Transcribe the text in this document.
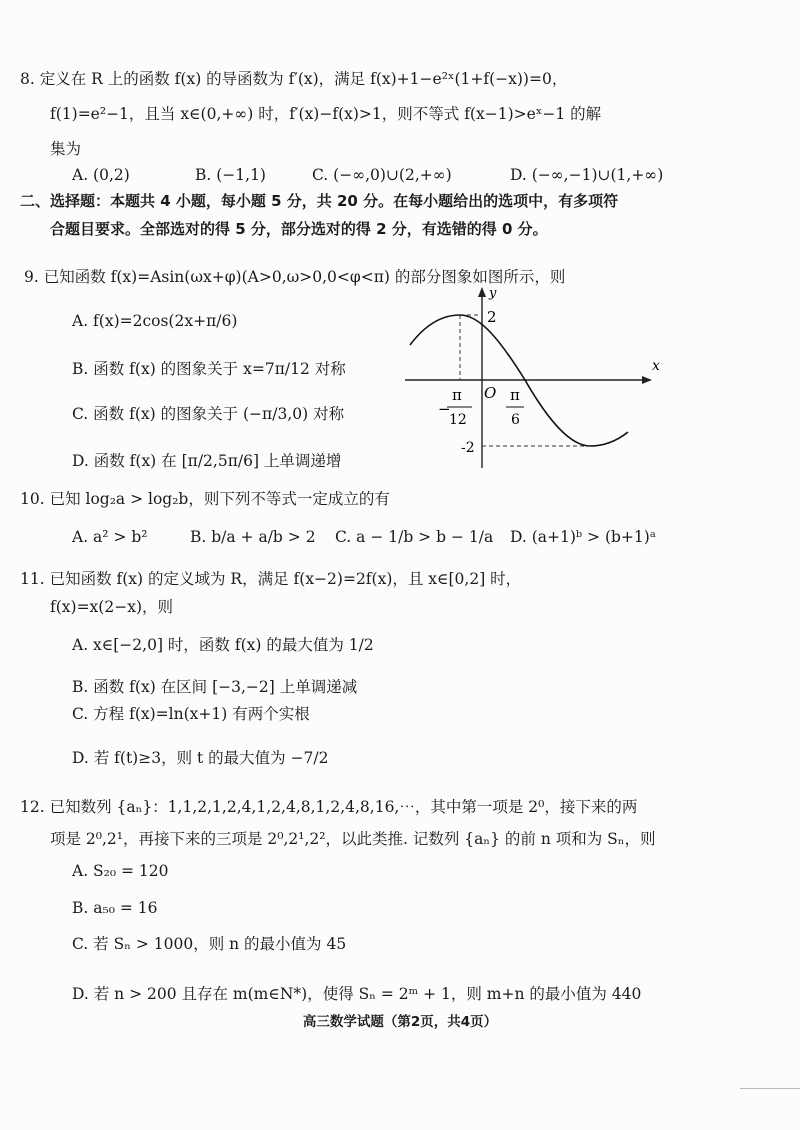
8. 定义在 R 上的函数 f(x) 的导函数为 f′(x)，满足 f(x)+1−e²ˣ(1+f(−x))=0，
f(1)=e²−1，且当 x∈(0,+∞) 时，f′(x)−f(x)>1，则不等式 f(x−1)>eˣ−1 的解
集为
A. (0,2)	B. (−1,1)	C. (−∞,0)∪(2,+∞)	D. (−∞,−1)∪(1,+∞)
二、选择题：本题共 4 小题，每小题 5 分，共 20 分。在每小题给出的选项中，有多项符
合题目要求。全部选对的得 5 分，部分选对的得 2 分，有选错的得 0 分。
9. 已知函数 f(x)=Asin(ωx+φ)(A>0,ω>0,0<φ<π) 的部分图象如图所示，则
A. f(x)=2cos(2x+π/6)
B. 函数 f(x) 的图象关于 x=7π/12 对称
C. 函数 f(x) 的图象关于 (−π/3,0) 对称
D. 函数 f(x) 在 [π/2,5π/6] 上单调递增
y
x
O
2
-2
−
π
12
π
6
10. 已知 log₂a > log₂b，则下列不等式一定成立的有
A. a² > b²	B. b/a + a/b > 2 C. a − 1/b > b − 1/a D. (a+1)ᵇ > (b+1)ᵃ
11. 已知函数 f(x) 的定义域为 R，满足 f(x−2)=2f(x)，且 x∈[0,2] 时，
f(x)=x(2−x)，则
A. x∈[−2,0] 时，函数 f(x) 的最大值为 1/2
B. 函数 f(x) 在区间 [−3,−2] 上单调递减
C. 方程 f(x)=ln(x+1) 有两个实根
D. 若 f(t)≥3，则 t 的最大值为 −7/2
12. 已知数列 {aₙ}：1,1,2,1,2,4,1,2,4,8,1,2,4,8,16,⋯，其中第一项是 2⁰，接下来的两
项是 2⁰,2¹，再接下来的三项是 2⁰,2¹,2²，以此类推. 记数列 {aₙ} 的前 n 项和为 Sₙ，则
A. S₂₀ = 120
B. a₅₀ = 16
C. 若 Sₙ > 1000，则 n 的最小值为 45
D. 若 n > 200 且存在 m(m∈N*)，使得 Sₙ = 2ᵐ + 1，则 m+n 的最小值为 440
高三数学试题（第2页，共4页）
